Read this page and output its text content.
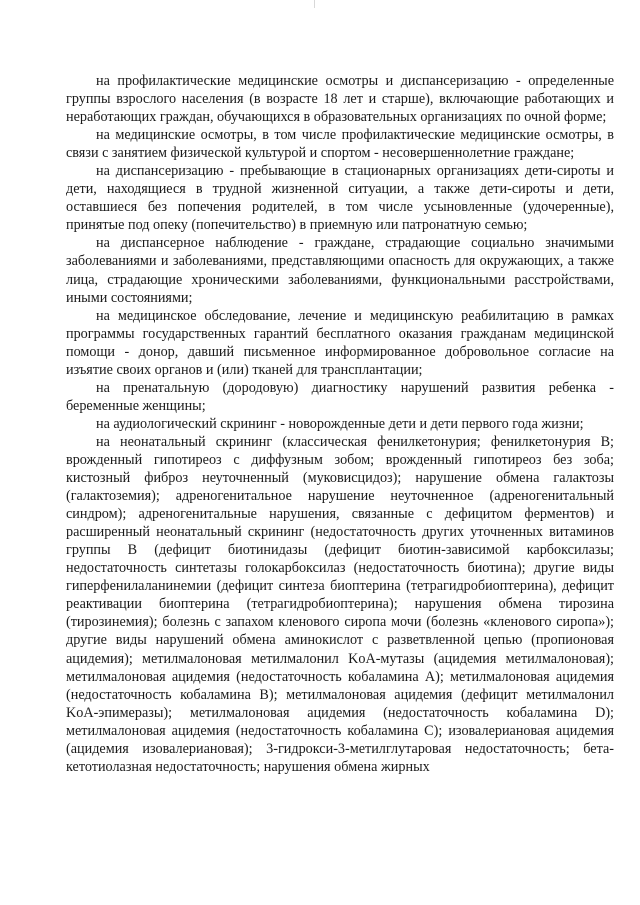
на профилактические медицинские осмотры и диспансеризацию - определенные группы взрослого населения (в возрасте 18 лет и старше), включающие работающих и неработающих граждан, обучающихся в образовательных организациях по очной форме;

на медицинские осмотры, в том числе профилактические медицинские осмотры, в связи с занятием физической культурой и спортом - несовершеннолетние граждане;

на диспансеризацию - пребывающие в стационарных организациях дети-сироты и дети, находящиеся в трудной жизненной ситуации, а также дети-сироты и дети, оставшиеся без попечения родителей, в том числе усыновленные (удочеренные), принятые под опеку (попечительство) в приемную или патронатную семью;

на диспансерное наблюдение - граждане, страдающие социально значимыми заболеваниями и заболеваниями, представляющими опасность для окружающих, а также лица, страдающие хроническими заболеваниями, функциональными расстройствами, иными состояниями;

на медицинское обследование, лечение и медицинскую реабилитацию в рамках программы государственных гарантий бесплатного оказания гражданам медицинской помощи - донор, давший письменное информированное добровольное согласие на изъятие своих органов и (или) тканей для трансплантации;

на пренатальную (дородовую) диагностику нарушений развития ребенка - беременные женщины;

на аудиологический скрининг - новорожденные дети и дети первого года жизни;

на неонатальный скрининг (классическая фенилкетонурия; фенилкетонурия B; врожденный гипотиреоз с диффузным зобом; врожденный гипотиреоз без зоба; кистозный фиброз неуточненный (муковисцидоз); нарушение обмена галактозы (галактоземия); адреногенитальное нарушение неуточненное (адреногенитальный синдром); адреногенитальные нарушения, связанные с дефицитом ферментов) и расширенный неонатальный скрининг (недостаточность других уточненных витаминов группы B (дефицит биотинидазы (дефицит биотин-зависимой карбоксилазы; недостаточность синтетазы голокарбоксилаз (недостаточность биотина); другие виды гиперфенилаланинемии (дефицит синтеза биоптерина (тетрагидробиоптерина), дефицит реактивации биоптерина (тетрагидробиоптерина); нарушения обмена тирозина (тирозинемия); болезнь с запахом кленового сиропа мочи (болезнь «кленового сиропа»); другие виды нарушений обмена аминокислот с разветвленной цепью (пропионовая ацидемия); метилмалоновая метилмалонил KoA-мутазы (ацидемия метилмалоновая); метилмалоновая ацидемия (недостаточность кобаламина A); метилмалоновая ацидемия (недостаточность кобаламина B); метилмалоновая ацидемия (дефицит метилмалонил KoA-эпимеразы); метилмалоновая ацидемия (недостаточность кобаламина D); метилмалоновая ацидемия (недостаточность кобаламина C); изовалериановая ацидемия (ацидемия изовалериановая); 3-гидрокси-3-метилглутаровая недостаточность; бета-кетотиолазная недостаточность; нарушения обмена жирных
